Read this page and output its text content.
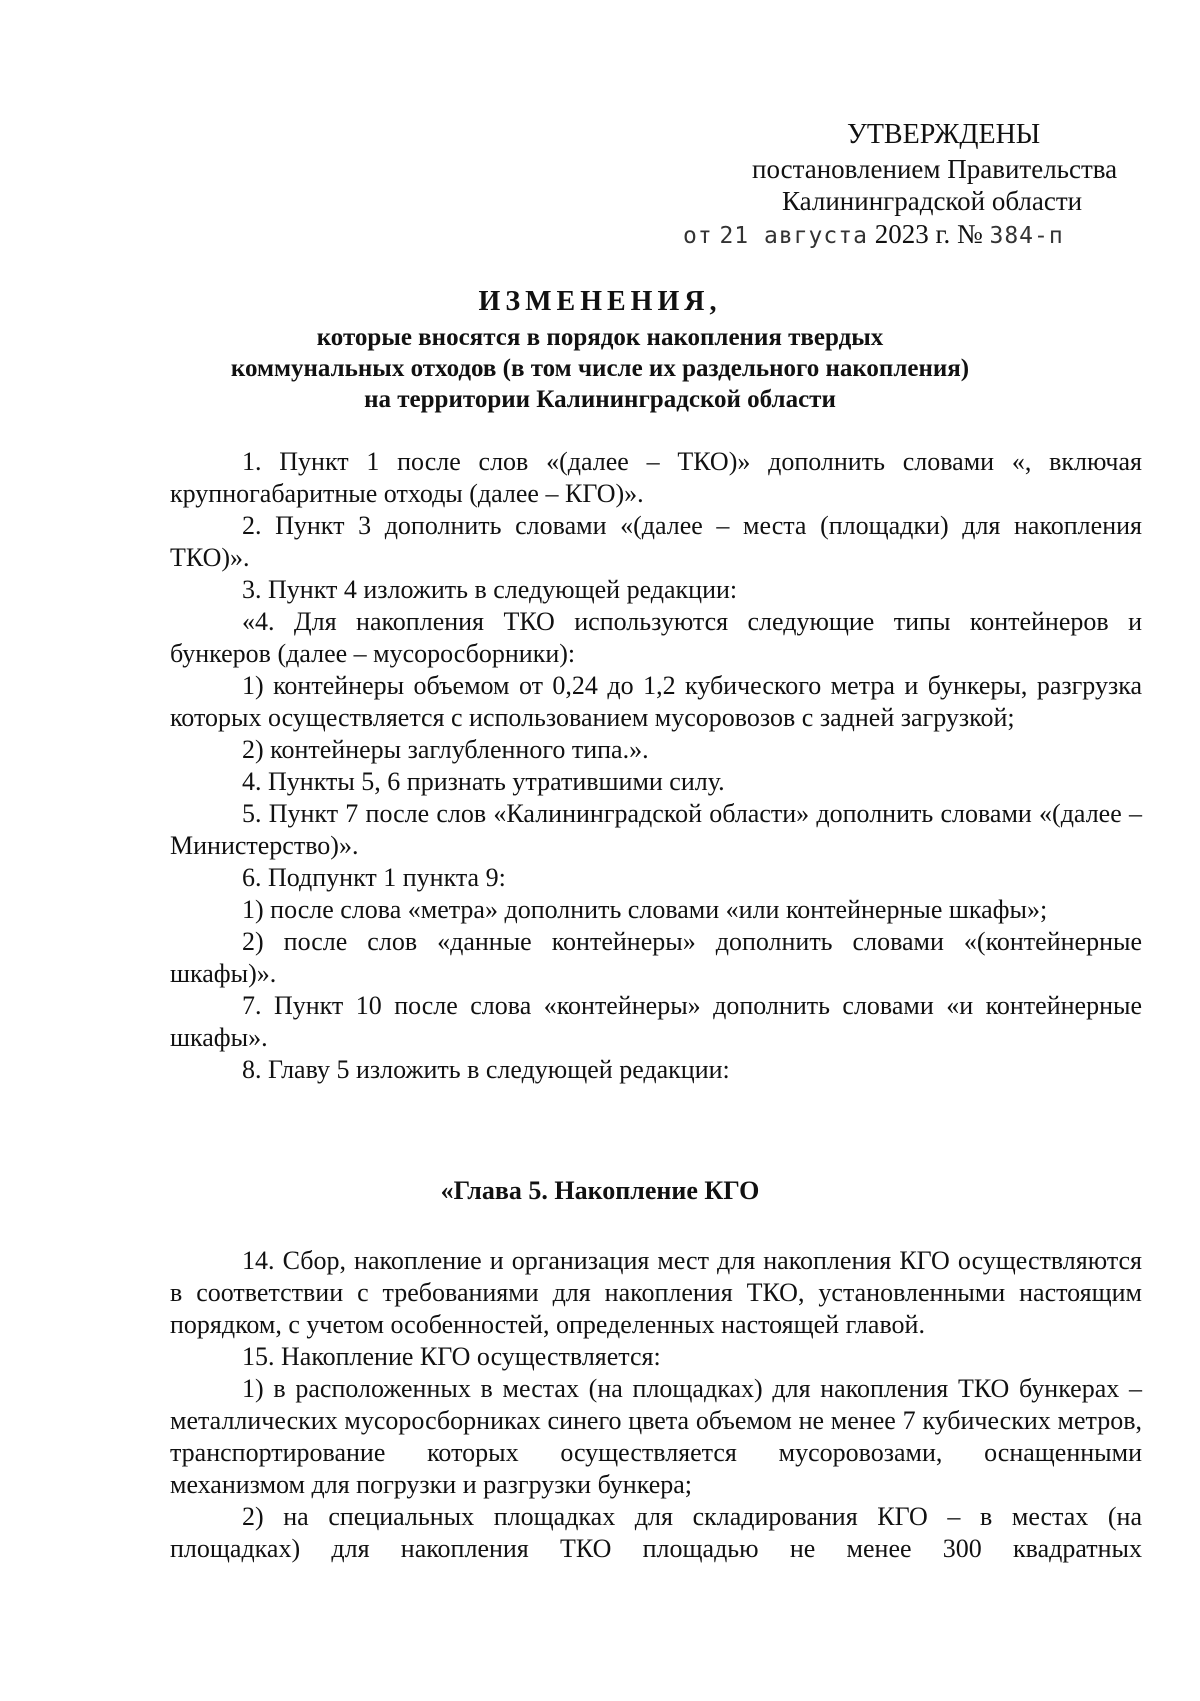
УТВЕРЖДЕНЫ
постановлением Правительства
Калининградской области
от 21 августа 2023 г. № 384-п
ИЗМЕНЕНИЯ,
которые вносятся в порядок накопления твердых
коммунальных отходов (в том числе их раздельного накопления)
на территории Калининградской области

1. Пункт 1 после слов «(далее – ТКО)» дополнить словами «, включая крупногабаритные отходы (далее – КГО)».

2. Пункт 3 дополнить словами «(далее – места (площадки) для накопления ТКО)».

3. Пункт 4 изложить в следующей редакции:

«4. Для накопления ТКО используются следующие типы контейнеров и бункеров (далее – мусоросборники):

1) контейнеры объемом от 0,24 до 1,2 кубического метра и бункеры, разгрузка которых осуществляется с использованием мусоровозов с задней загрузкой;

2) контейнеры заглубленного типа.».

4. Пункты 5, 6 признать утратившими силу.

5. Пункт 7 после слов «Калининградской области» дополнить словами «(далее – Министерство)».

6. Подпункт 1 пункта 9:

1) после слова «метра» дополнить словами «или контейнерные шкафы»;

2) после слов «данные контейнеры» дополнить словами «(контейнерные шкафы)».

7. Пункт 10 после слова «контейнеры» дополнить словами «и контейнерные шкафы».

8. Главу 5 изложить в следующей редакции:

«Глава 5. Накопление КГО

14. Сбор, накопление и организация мест для накопления КГО осуществляются в соответствии с требованиями для накопления ТКО, установленными настоящим порядком, с учетом особенностей, определенных настоящей главой.

15. Накопление КГО осуществляется:

1) в расположенных в местах (на площадках) для накопления ТКО бункерах – металлических мусоросборниках синего цвета объемом не менее 7 кубических метров, транспортирование которых осуществляется мусоровозами, оснащенными механизмом для погрузки и разгрузки бункера;

2) на специальных площадках для складирования КГО – в местах (на площадках) для накопления ТКО площадью не менее 300 квадратных
